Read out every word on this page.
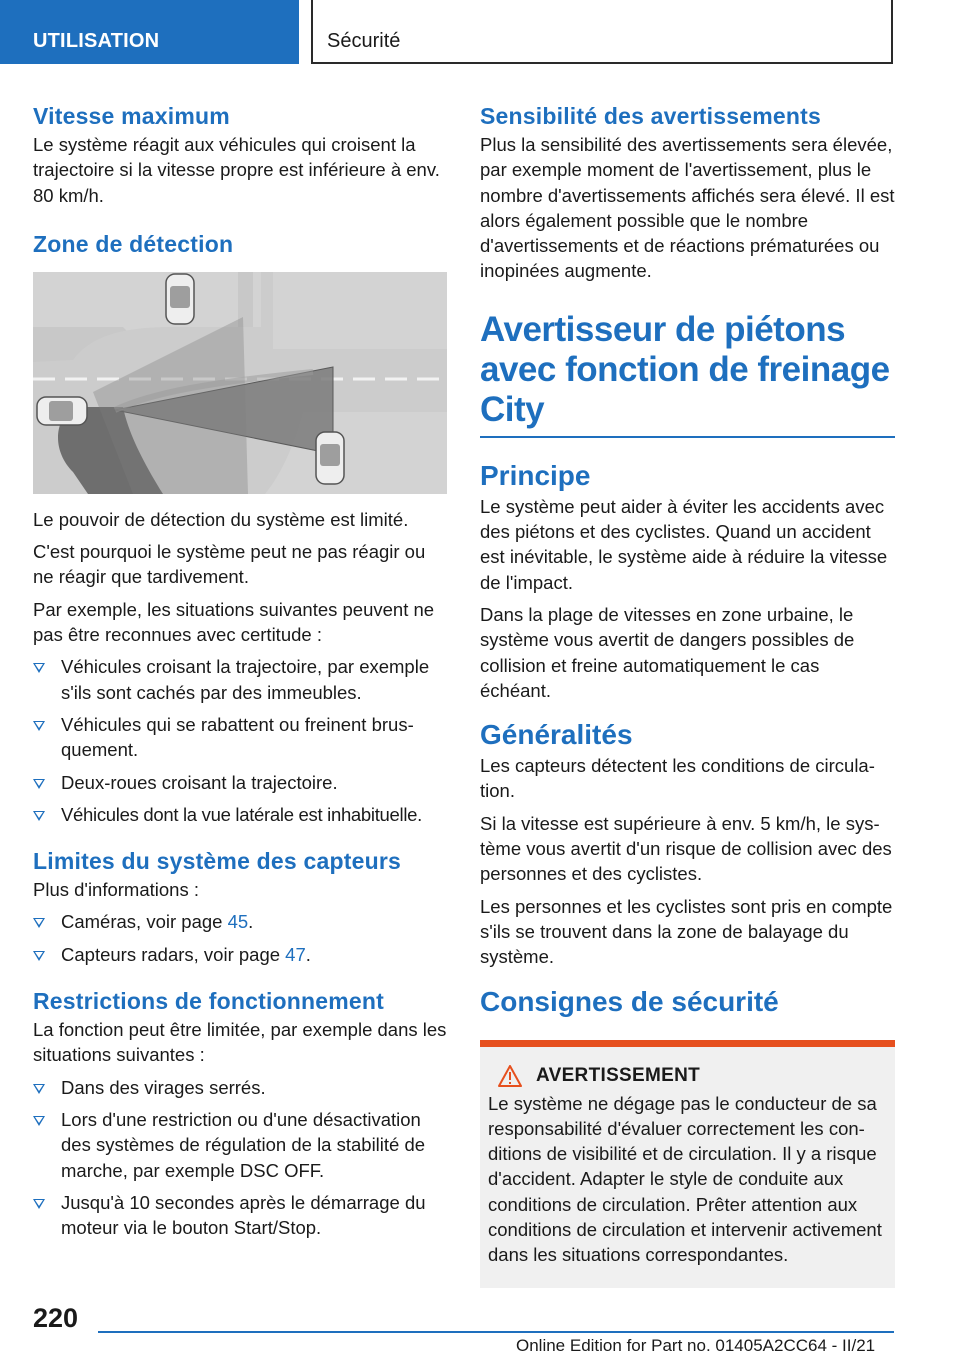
UTILISATION	Sécurité
Vitesse maximum

Le système réagit aux véhicules qui croisent la trajectoire si la vitesse propre est inférieure à env. 80 km/h.

Zone de détection

Le pouvoir de détection du système est limité.

C'est pourquoi le système peut ne pas réagir ou ne réagir que tardivement.

Par exemple, les situations suivantes peuvent ne pas être reconnues avec certitude :

Véhicules croisant la trajectoire, par exemple s'ils sont cachés par des immeubles.
Véhicules qui se rabattent ou freinent brusquement.
Deux-roues croisant la trajectoire.
Véhicules dont la vue latérale est inhabituelle.
Limites du système des capteurs

Plus d'informations :

Caméras, voir page 45.
Capteurs radars, voir page 47.
Restrictions de fonctionnement

La fonction peut être limitée, par exemple dans les situations suivantes :

Dans des virages serrés.
Lors d'une restriction ou d'une désactivation des systèmes de régulation de la stabilité de marche, par exemple DSC OFF.
Jusqu'à 10 secondes après le démarrage du moteur via le bouton Start/Stop.
Sensibilité des avertissements

Plus la sensibilité des avertissements sera élevée, par exemple moment de l'avertissement, plus le nombre d'avertissements affichés sera élevé. Il est alors également possible que le nombre d'avertissements et de réactions prématurées ou inopinées augmente.

Avertisseur de piétons avec fonction de freinage City
Principe

Le système peut aider à éviter les accidents avec des piétons et des cyclistes. Quand un accident est inévitable, le système aide à réduire la vitesse de l'impact.

Dans la plage de vitesses en zone urbaine, le système vous avertit de dangers possibles de collision et freine automatiquement le cas échéant.

Généralités

Les capteurs détectent les conditions de circulation.

Si la vitesse est supérieure à env. 5 km/h, le système vous avertit d'un risque de collision avec des personnes et des cyclistes.

Les personnes et les cyclistes sont pris en compte s'ils se trouvent dans la zone de balayage du système.

Consignes de sécurité
AVERTISSEMENT

Le système ne dégage pas le conducteur de sa responsabilité d'évaluer correctement les conditions de visibilité et de circulation. Il y a risque d'accident. Adapter le style de conduite aux conditions de circulation. Prêter attention aux conditions de circulation et intervenir activement dans les situations correspondantes.

220
Online Edition for Part no. 01405A2CC64 - II/21
